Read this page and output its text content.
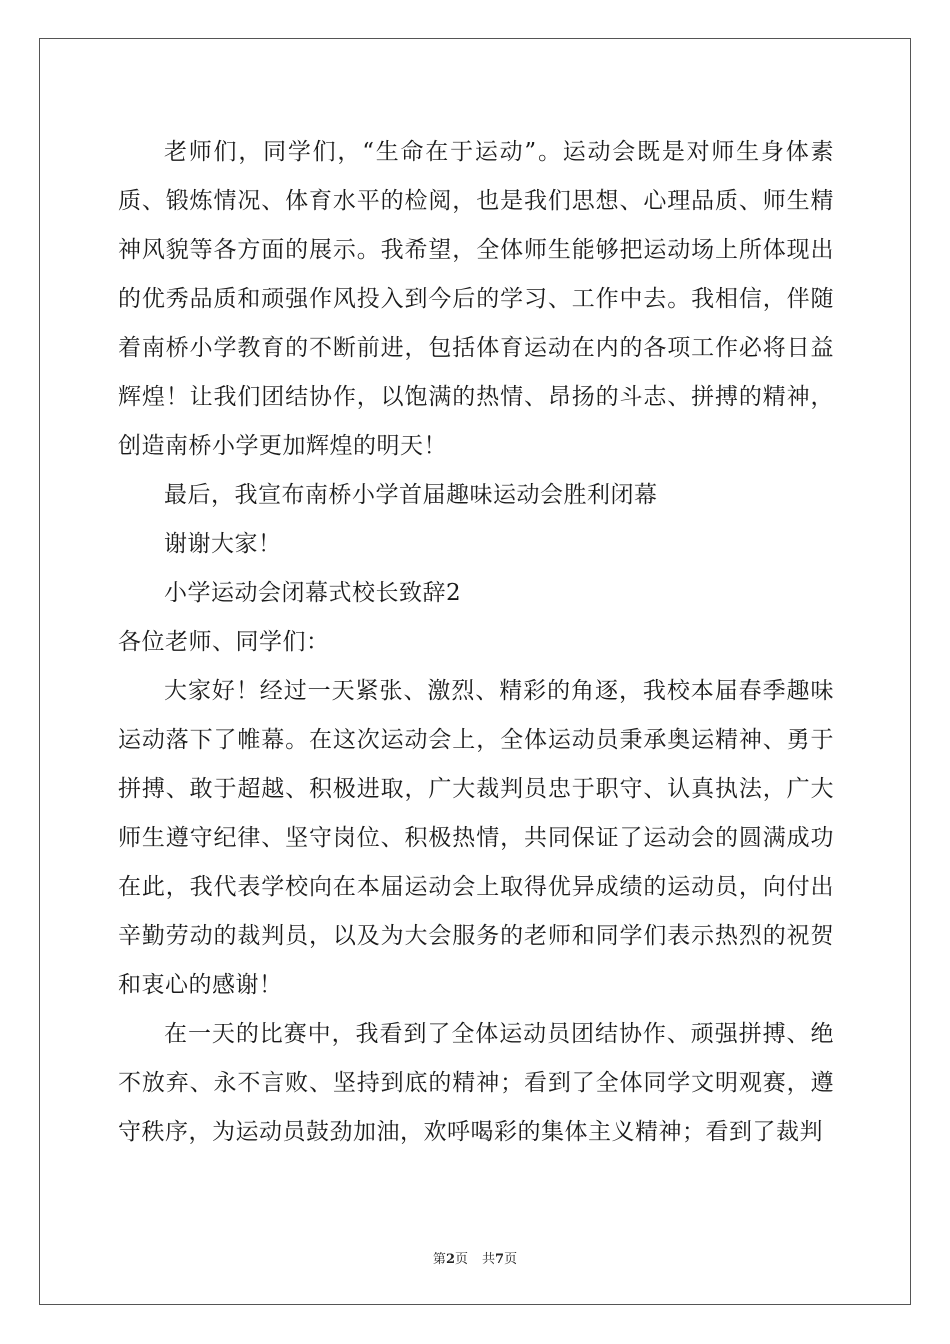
老师们，同学们，“生命在于运动”。运动会既是对师生身体素质、锻炼情况、体育水平的检阅，也是我们思想、心理品质、师生精神风貌等各方面的展示。我希望，全体师生能够把运动场上所体现出的优秀品质和顽强作风投入到今后的学习、工作中去。我相信，伴随着南桥小学教育的不断前进，包括体育运动在内的各项工作必将日益辉煌！让我们团结协作，以饱满的热情、昂扬的斗志、拼搏的精神，创造南桥小学更加辉煌的明天！

最后，我宣布南桥小学首届趣味运动会胜利闭幕

谢谢大家！

小学运动会闭幕式校长致辞2

各位老师、同学们：

大家好！经过一天紧张、激烈、精彩的角逐，我校本届春季趣味运动落下了帷幕。在这次运动会上，全体运动员秉承奥运精神、勇于拼搏、敢于超越、积极进取，广大裁判员忠于职守、认真执法，广大师生遵守纪律、坚守岗位、积极热情，共同保证了运动会的圆满成功在此，我代表学校向在本届运动会上取得优异成绩的运动员，向付出辛勤劳动的裁判员，以及为大会服务的老师和同学们表示热烈的祝贺和衷心的感谢！

在一天的比赛中，我看到了全体运动员团结协作、顽强拼搏、绝不放弃、永不言败、坚持到底的精神；看到了全体同学文明观赛，遵守秩序，为运动员鼓劲加油，欢呼喝彩的集体主义精神；看到了裁判

第2页 共7页
